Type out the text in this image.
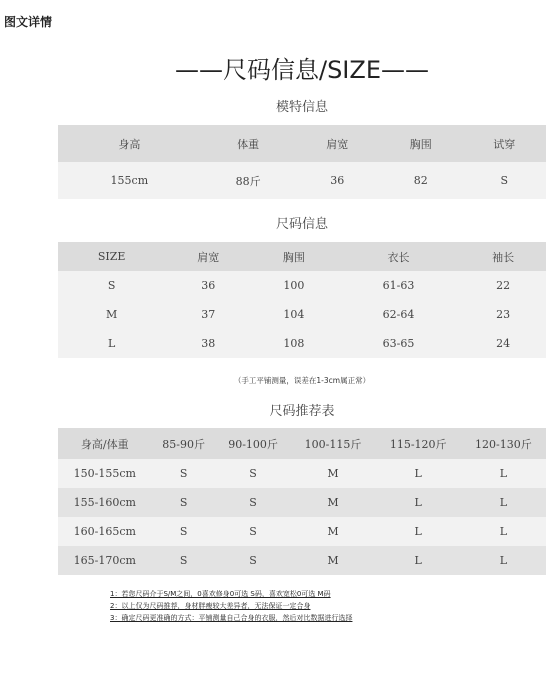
图文详情
——尺码信息/SIZE——
模特信息
身高	体重	肩宽	胸围	试穿
155cm	88斤	36	82	S
尺码信息
SIZE	肩宽	胸围	衣长	袖长
S	36	100	61-63	22
M	37	104	62-64	23
L	38	108	63-65	24
（手工平铺测量，误差在1-3cm属正常）
尺码推荐表
身高/体重	85-90斤	90-100斤	100-115斤	115-120斤	120-130斤
150-155cm	S	S	M	L	L
155-160cm	S	S	M	L	L
160-165cm	S	S	M	L	L
165-170cm	S	S	M	L	L
1：若您尺码介于S/M之间，0喜欢修身0可选 S码，喜欢宽松0可选 M码
2：以上仅为尺码推荐，身材胖瘦较大差异者，无法保证一定合身
3：确定尺码更准确的方式：平铺测量自己合身的衣服，然后对比数据进行选择
